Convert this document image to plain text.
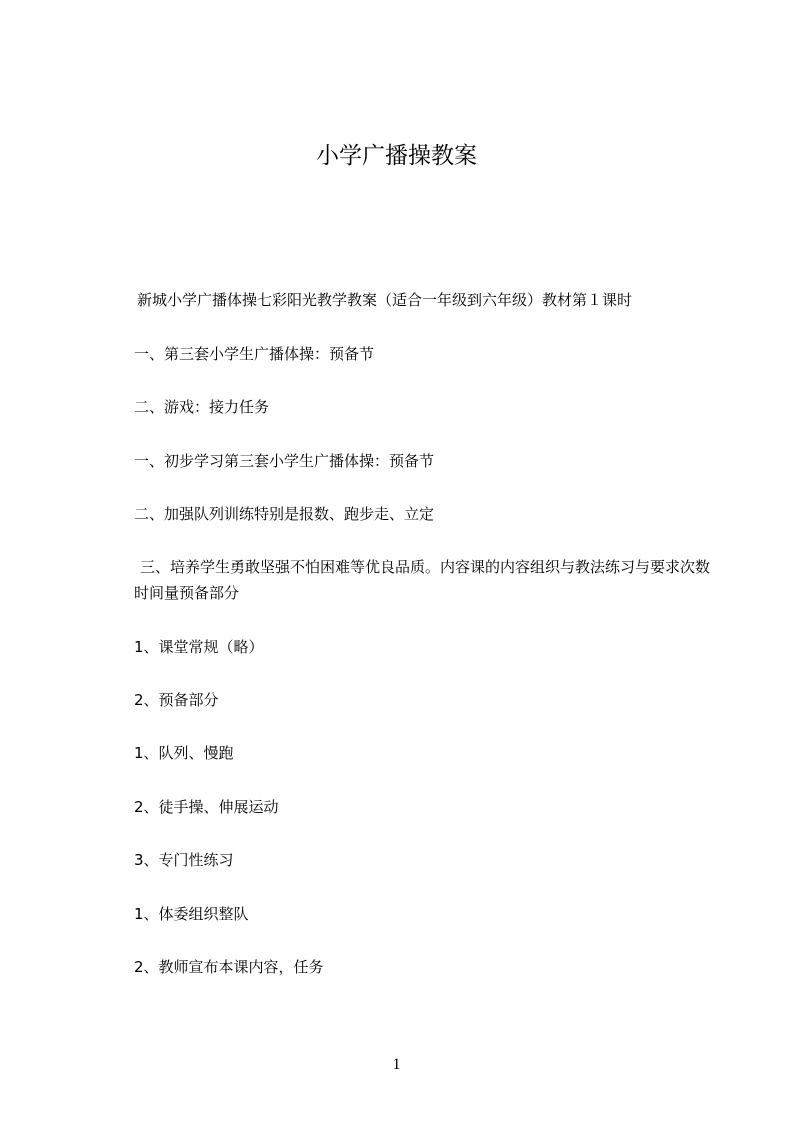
小学广播操教案
新城小学广播体操七彩阳光教学教案（适合一年级到六年级）教材第１课时
一、第三套小学生广播体操：预备节
二、游戏：接力任务
一、初步学习第三套小学生广播体操：预备节
二、加强队列训练特别是报数、跑步走、立定
三、培养学生勇敢坚强不怕困难等优良品质。内容课的内容组织与教法练习与要求次数时间量预备部分
1、课堂常规（略）
2、预备部分
1、队列、慢跑
2、徒手操、伸展运动
3、专门性练习
1、体委组织整队
2、教师宣布本课内容，任务
1
